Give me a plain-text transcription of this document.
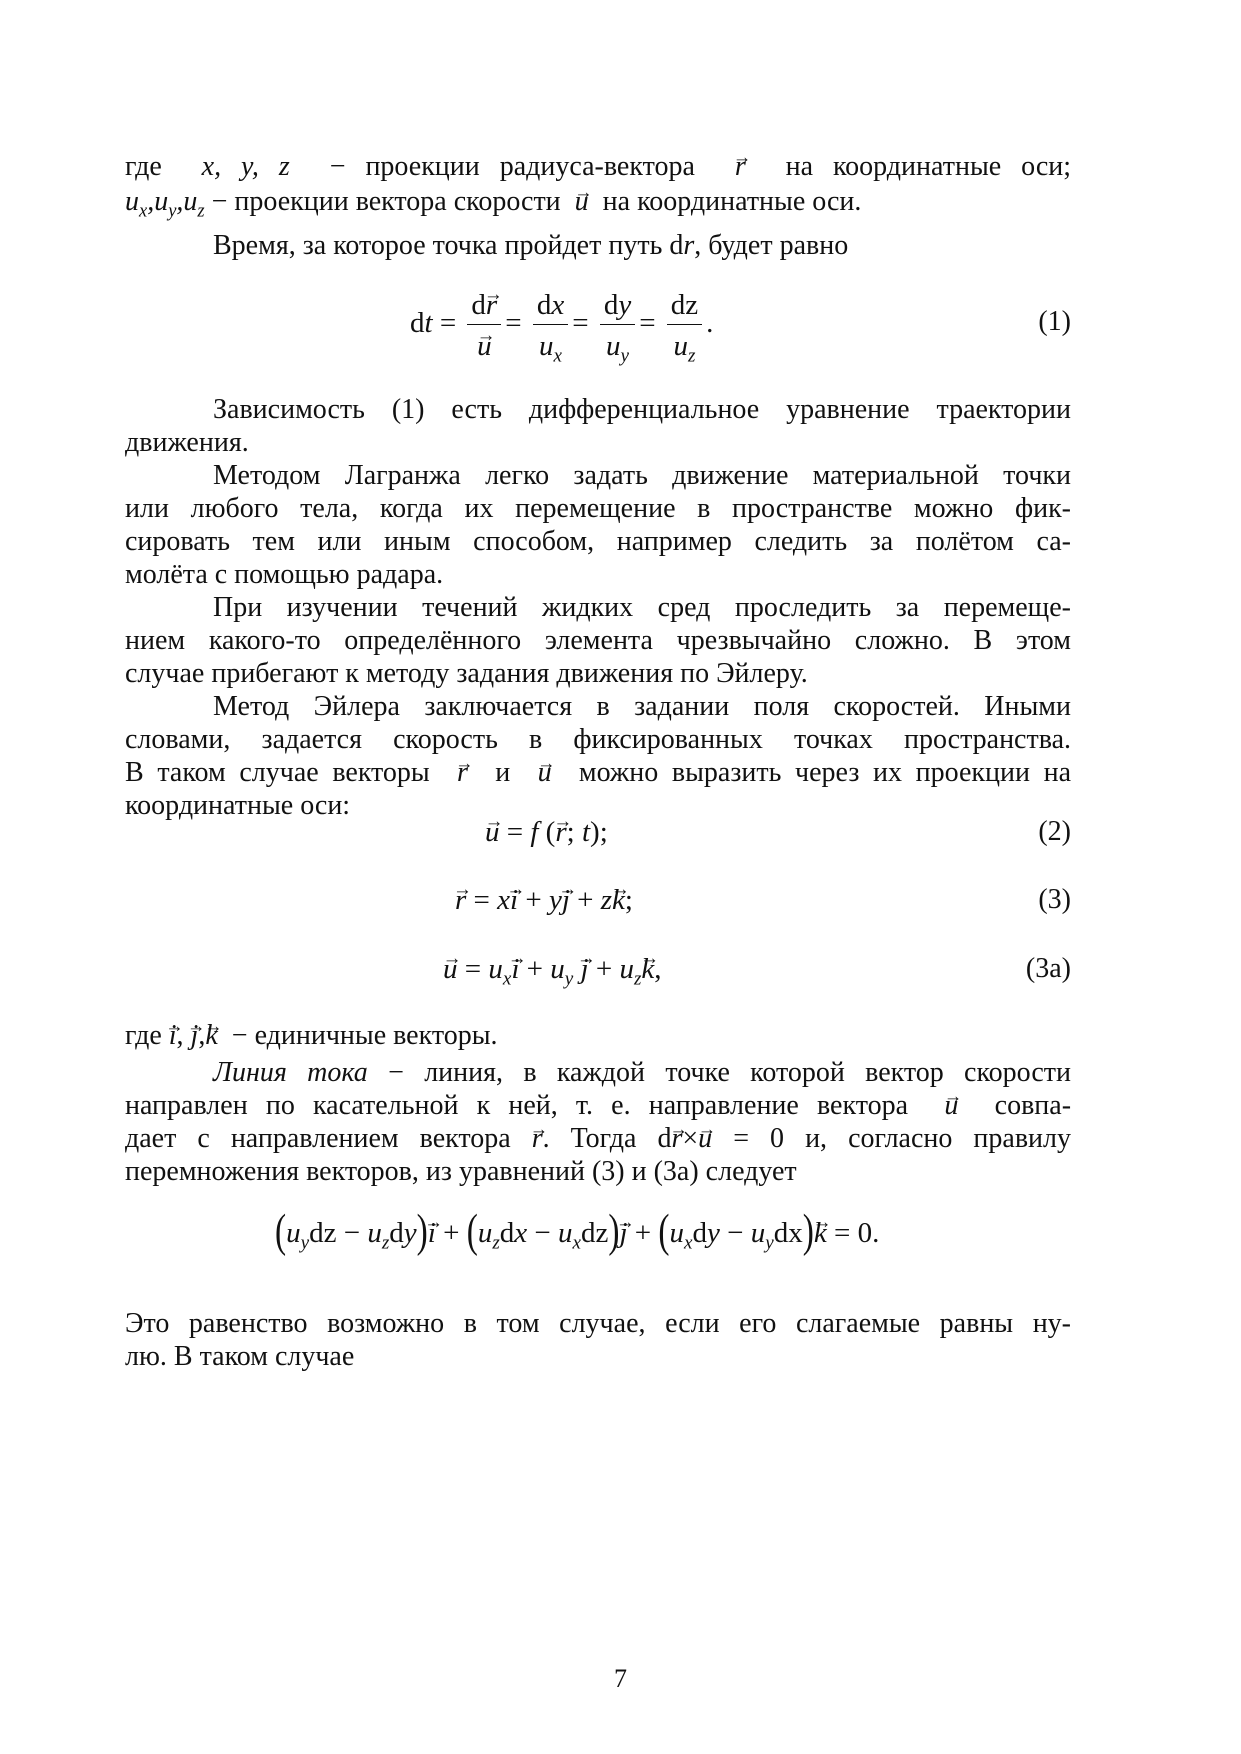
где x, y, z − проекции радиуса-вектора → r на координатные оси;
$u_x,u_y,u_z$ − проекции вектора скорости → u на координатные оси.
Время, за которое точка пройдет путь dr, будет равно
dt = d→ r
→ $u = \frac{dx}{u_x} = \frac{dy}{u_y} = \frac{dz}{u_z}$ .	(1)
Зависимость (1) есть дифференциальное уравнение траектории
движения.
Методом Лагранжа легко задать движение материальной точки
или любого тела, когда их перемещение в пространстве можно фик-
сировать тем или иным способом, например следить за полётом са-
молёта с помощью радара.
При изучении течений жидких сред проследить за перемеще-
нием какого-то определённого элемента чрезвычайно сложно. В этом
случае прибегают к методу задания движения по Эйлеру.
Метод Эйлера заключается в задании поля скоростей. Иными
словами, задается скорость в фиксированных точках пространства.
В таком случае векторы → r и → u можно выразить через их проекции на
координатные оси:
→ u = f (→ r; t);	(2)
→ r = x→ i + y→ j + z→ k;	(3)
→ $u = u_x\to i + u_y \to j + u_z\to k$,	(3a)
где → i, → j,→ k − единичные векторы.
Линия тока − линия, в каждой точке которой вектор скорости
направлен по касательной к ней, т. е. направление вектора → u совпа-
дает с направлением вектора → r. Тогда d→ r×→ u = 0 и, согласно правилу
перемножения векторов, из уравнений (3) и (3а) следует
$(u_ydz - u_zdy)\to i + (u_zdx - u_xdz)\to j + (u_xdy - u_ydx)\to k = 0$.
Это равенство возможно в том случае, если его слагаемые равны ну-
лю. В таком случае
7
